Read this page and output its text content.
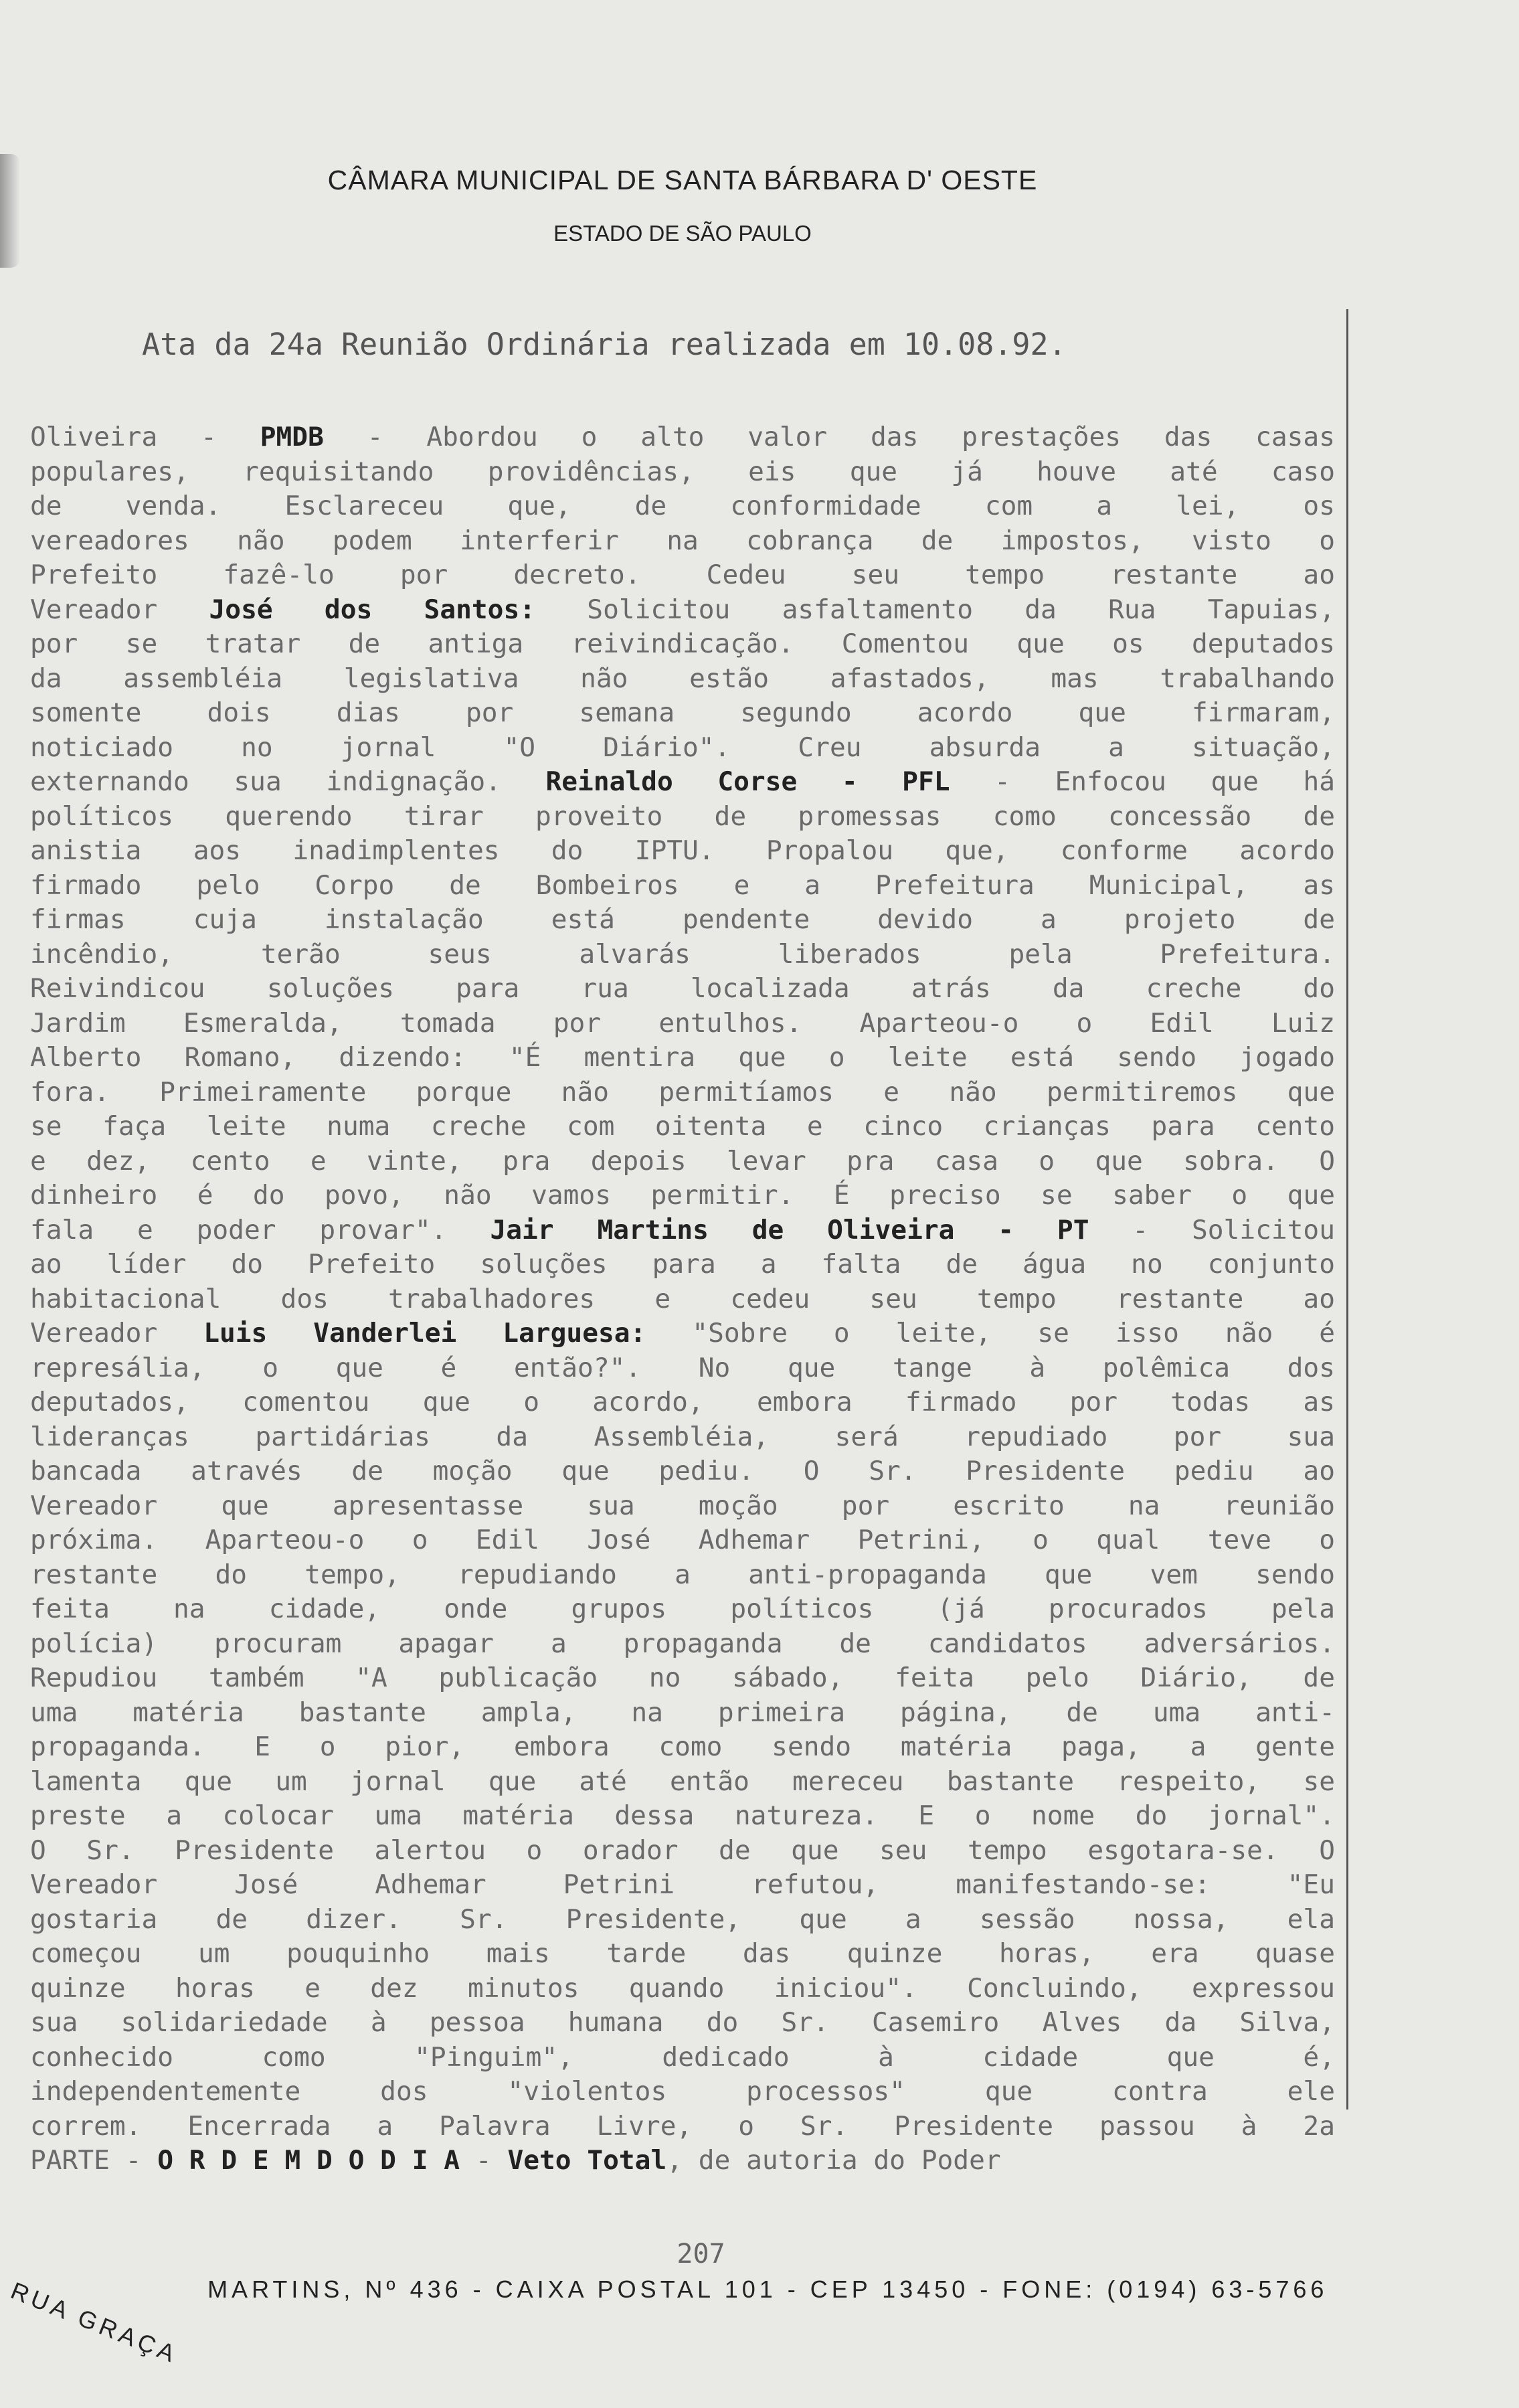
CÂMARA MUNICIPAL DE SANTA BÁRBARA D' OESTE
ESTADO DE SÃO PAULO
Ata da 24a Reunião Ordinária realizada em 10.08.92.
Oliveira - PMDB - Abordou o alto valor das prestações das casas
populares, requisitando providências, eis que já houve até caso
de venda. Esclareceu que, de conformidade com a lei, os
vereadores não podem interferir na cobrança de impostos, visto o
Prefeito fazê-lo por decreto. Cedeu seu tempo restante ao
Vereador José dos Santos: Solicitou asfaltamento da Rua Tapuias,
por se tratar de antiga reivindicação. Comentou que os deputados
da assembléia legislativa não estão afastados, mas trabalhando
somente dois dias por semana segundo acordo que firmaram,
noticiado no jornal "O Diário". Creu absurda a situação,
externando sua indignação. Reinaldo Corse - PFL - Enfocou que há
políticos querendo tirar proveito de promessas como concessão de
anistia aos inadimplentes do IPTU. Propalou que, conforme acordo
firmado pelo Corpo de Bombeiros e a Prefeitura Municipal, as
firmas cuja instalação está pendente devido a projeto de
incêndio, terão seus alvarás liberados pela Prefeitura.
Reivindicou soluções para rua localizada atrás da creche do
Jardim Esmeralda, tomada por entulhos. Aparteou-o o Edil Luiz
Alberto Romano, dizendo: "É mentira que o leite está sendo jogado
fora. Primeiramente porque não permitíamos e não permitiremos que
se faça leite numa creche com oitenta e cinco crianças para cento
e dez, cento e vinte, pra depois levar pra casa o que sobra. O
dinheiro é do povo, não vamos permitir. É preciso se saber o que
fala e poder provar". Jair Martins de Oliveira - PT - Solicitou
ao líder do Prefeito soluções para a falta de água no conjunto
habitacional dos trabalhadores e cedeu seu tempo restante ao
Vereador Luis Vanderlei Larguesa: "Sobre o leite, se isso não é
represália, o que é então?". No que tange à polêmica dos
deputados, comentou que o acordo, embora firmado por todas as
lideranças partidárias da Assembléia, será repudiado por sua
bancada através de moção que pediu. O Sr. Presidente pediu ao
Vereador que apresentasse sua moção por escrito na reunião
próxima. Aparteou-o o Edil José Adhemar Petrini, o qual teve o
restante do tempo, repudiando a anti-propaganda que vem sendo
feita na cidade, onde grupos políticos (já procurados pela
polícia) procuram apagar a propaganda de candidatos adversários.
Repudiou também "A publicação no sábado, feita pelo Diário, de
uma matéria bastante ampla, na primeira página, de uma anti-
propaganda. E o pior, embora como sendo matéria paga, a gente
lamenta que um jornal que até então mereceu bastante respeito, se
preste a colocar uma matéria dessa natureza. E o nome do jornal".
O Sr. Presidente alertou o orador de que seu tempo esgotara-se. O
Vereador José Adhemar Petrini refutou, manifestando-se: "Eu
gostaria de dizer. Sr. Presidente, que a sessão nossa, ela
começou um pouquinho mais tarde das quinze horas, era quase
quinze horas e dez minutos quando iniciou". Concluindo, expressou
sua solidariedade à pessoa humana do Sr. Casemiro Alves da Silva,
conhecido como "Pinguim", dedicado à cidade que é,
independentemente dos "violentos processos" que contra ele
correm. Encerrada a Palavra Livre, o Sr. Presidente passou à 2a
PARTE - O R D E M D O D I A - Veto Total, de autoria do Poder
207
RUA GRAÇA MARTINS, Nº 436 - CAIXA POSTAL 101 - CEP 13450 - FONE: (0194) 63-5766
